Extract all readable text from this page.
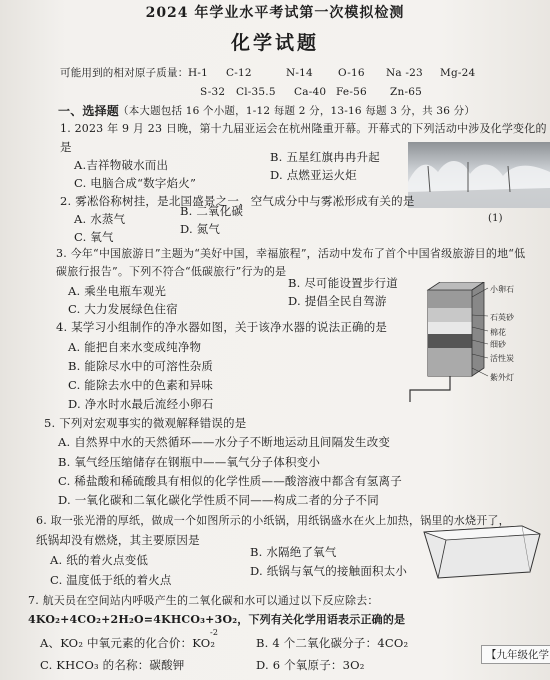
2024 年学业水平考试第一次模拟检测
化学试题
可能用到的相对原子质量： H-1 C-12	N-14 O-16 Na -23 Mg-24
S-32 Cl-35.5 Ca-40 Fe-56 Zn-65
一、选择题
（本大题包括 16 个小题，1-12 每题 2 分，13-16 每题 3 分，共 36 分）
1. 2023 年 9 月 23 日晚，第十九届亚运会在杭州隆重开幕。开幕式的下列活动中涉及化学变化的
是
A.吉祥物破水而出
B. 五星红旗冉冉升起
C. 电脑合成“数字焰火”
D. 点燃亚运火炬
(1)
2. 雾凇俗称树挂，是北国盛景之一，空气成分中与雾凇形成有关的是
A. 水蒸气
B. 二氧化碳
C. 氧气
D. 氮气
3. 今年“中国旅游日”主题为“美好中国，幸福旅程”，活动中发布了首个中国省级旅游目的地“低
碳旅行报告”。下列不符合“低碳旅行”行为的是
A. 乘坐电瓶车观光
B. 尽可能设置步行道
C. 大力发展绿色住宿
D. 提倡全民自驾游
4. 某学习小组制作的净水器如图，关于该净水器的说法正确的是
A. 能把自来水变成纯净物
B. 能除尽水中的可溶性杂质
C. 能除去水中的色素和异味
D. 净水时水最后流经小卵石
小卵石
石英砂
棉花
细砂
活性炭
紫外灯
5. 下列对宏观事实的微观解释错误的是
A. 自然界中水的天然循环——水分子不断地运动且间隔发生改变
B. 氧气经压缩储存在钢瓶中——氧气分子体积变小
C. 稀盐酸和稀硫酸具有相似的化学性质——酸溶液中都含有氢离子
D. 一氧化碳和二氧化碳化学性质不同——构成二者的分子不同
6. 取一张光滑的厚纸，做成一个如图所示的小纸锅，用纸锅盛水在火上加热，锅里的水烧开了，
纸锅却没有燃烧，其主要原因是
A. 纸的着火点变低
B. 水隔绝了氧气
C. 温度低于纸的着火点
D. 纸锅与氧气的接触面积太小
7. 航天员在空间站内呼吸产生的二氧化碳和水可以通过以下反应除去：
4KO₂+4CO₂+2H₂O=4KHCO₃+3O₂，下列有关化学用语表示正确的是
-2
A、KO₂ 中氧元素的化合价：KO₂	B. 4 个二氧化碳分子：4CO₂
C. KHCO₃ 的名称：碳酸钾	D. 6 个氧原子：3O₂
【九年级化学
